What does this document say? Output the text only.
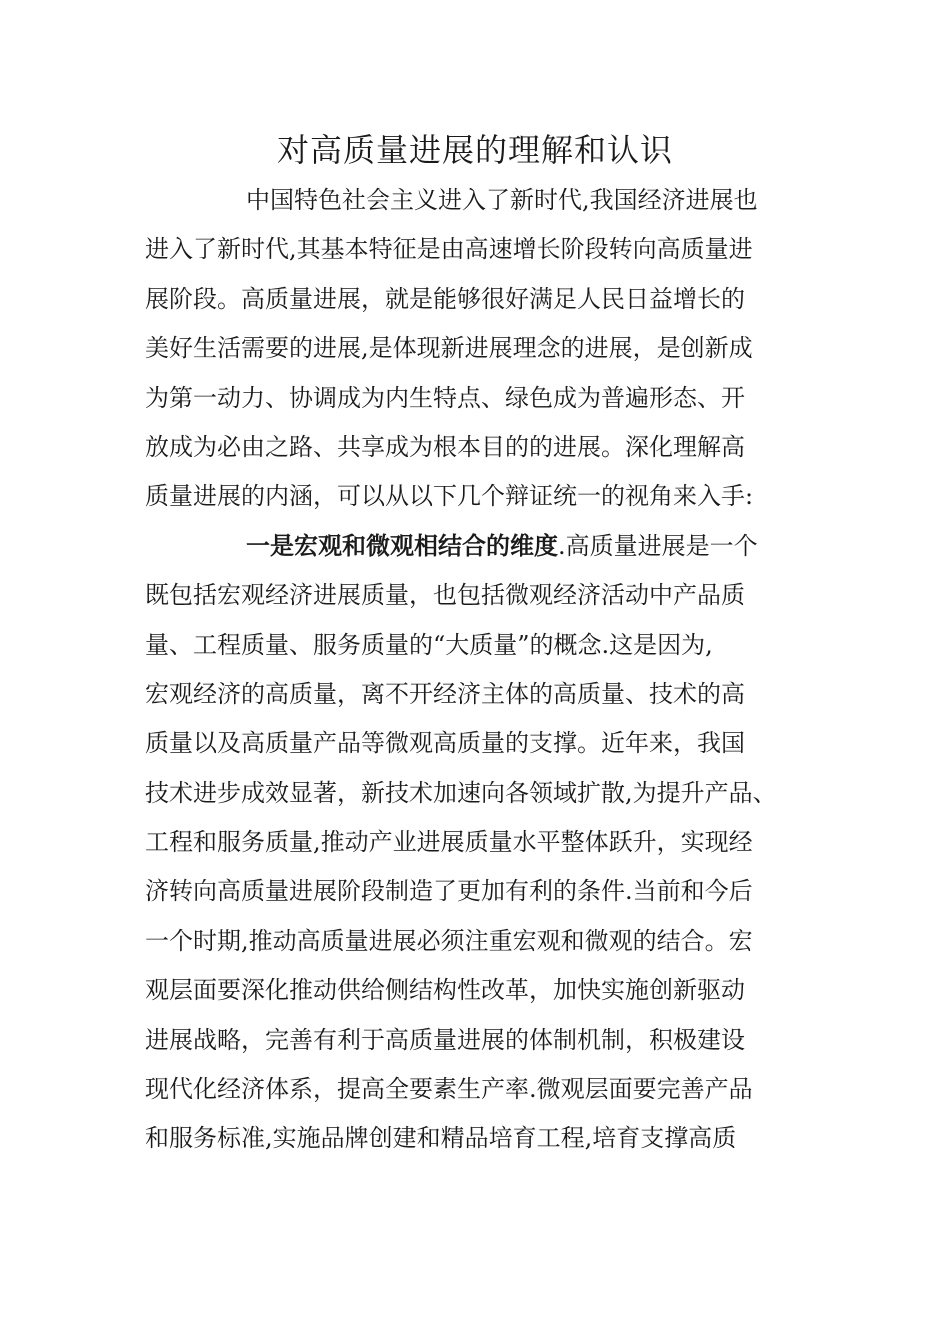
对高质量进展的理解和认识
中国特色社会主义进入了新时代,我国经济进展也
进入了新时代,其基本特征是由高速增长阶段转向高质量进
展阶段。高质量进展，就是能够很好满足人民日益增长的
美好生活需要的进展,是体现新进展理念的进展，是创新成
为第一动力、协调成为内生特点、绿色成为普遍形态、开
放成为必由之路、共享成为根本目的的进展。深化理解高
质量进展的内涵，可以从以下几个辩证统一的视角来入手:
一是宏观和微观相结合的维度.高质量进展是一个
既包括宏观经济进展质量，也包括微观经济活动中产品质
量、工程质量、服务质量的“大质量”的概念.这是因为,
宏观经济的高质量，离不开经济主体的高质量、技术的高
质量以及高质量产品等微观高质量的支撑。近年来，我国
技术进步成效显著，新技术加速向各领域扩散,为提升产品、
工程和服务质量,推动产业进展质量水平整体跃升，实现经
济转向高质量进展阶段制造了更加有利的条件.当前和今后
一个时期,推动高质量进展必须注重宏观和微观的结合。宏
观层面要深化推动供给侧结构性改革，加快实施创新驱动
进展战略，完善有利于高质量进展的体制机制，积极建设
现代化经济体系，提高全要素生产率.微观层面要完善产品
和服务标准,实施品牌创建和精品培育工程,培育支撑高质
